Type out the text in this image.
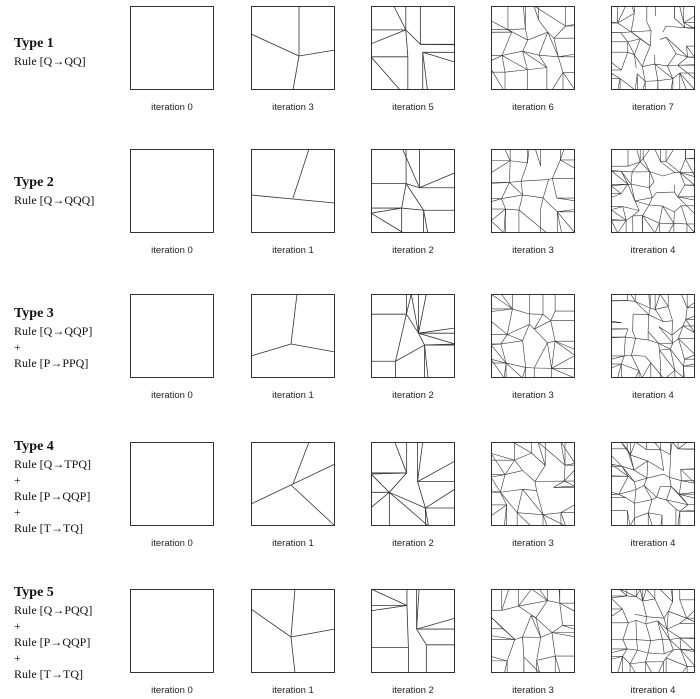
Type 1
Rule [Q→QQ]
Type 2
Rule [Q→QQQ]
Type 3
Rule [Q→QQP]
+
Rule [P→PPQ]
Type 4
Rule [Q→TPQ]
+
Rule [P→QQP]
+
Rule [T→TQ]
Type 5
Rule [Q→PQQ]
+
Rule [P→QQP]
+
Rule [T→TQ]
iteration 0	iteration 3	iteration 5	iteration 6	iteration 7
iteration 0	iteration 1	iteration 2	iteration 3	itreration 4
iteration 0	iteration 1	iteration 2	iteration 3	iteration 4
iteration 0	iteration 1	iteration 2	iteration 3	itreration 4
iteration 0	iteration 1	iteration 2	iteration 3	itreration 4
